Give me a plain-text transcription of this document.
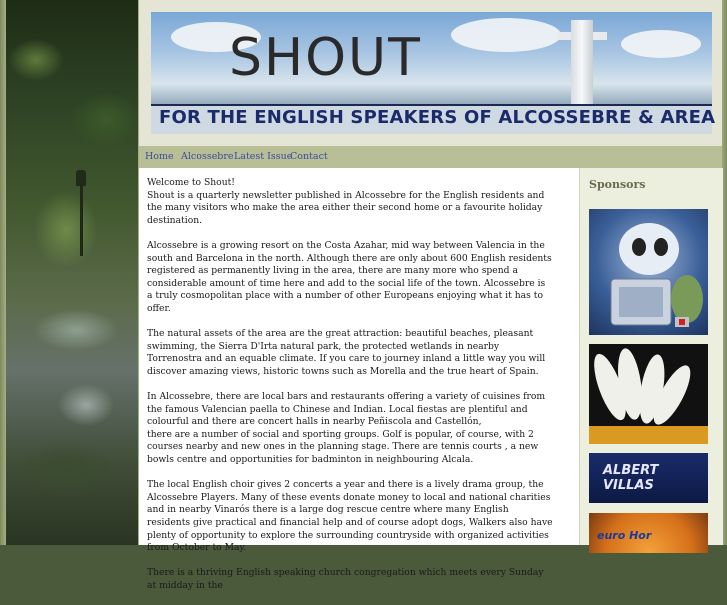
SHOUT
FOR THE ENGLISH SPEAKERS OF ALCOSSEBRE & AREA
Home Alcossebre Latest Issue
Contact

Welcome to Shout!
Shout is a quarterly newsletter published in Alcossebre for the English residents and the many visitors who make the area either their second home or a favourite holiday destination.

Alcossebre is a growing resort on the Costa Azahar, mid way between Valencia in the south and Barcelona in the north. Although there are only about 600 English residents registered as permanently living in the area, there are many more who spend a considerable amount of time here and add to the social life of the town. Alcossebre is a truly cosmopolitan place with a number of other Europeans enjoying what it has to offer.

The natural assets of the area are the great attraction: beautiful beaches, pleasant swimming, the Sierra D'Irta natural park, the protected wetlands in nearby Torrenostra and an equable climate. If you care to journey inland a little way you will discover amazing views, historic towns such as Morella and the true heart of Spain.

In Alcossebre, there are local bars and restaurants offering a variety of cuisines from the famous Valencian paella to Chinese and Indian. Local fiestas are plentiful and colourful and there are concert halls in nearby Peñiscola and Castellón,
there are a number of social and sporting groups. Golf is popular, of course, with 2 courses nearby and new ones in the planning stage. There are tennis courts , a new bowls centre and opportunities for badminton in neighbouring Alcala.

The local English choir gives 2 concerts a year and there is a lively drama group, the Alcossebre Players. Many of these events donate money to local and national charities and in nearby Vinarós there is a large dog rescue centre where many English residents give practical and financial help and of course adopt dogs, Walkers also have plenty of opportunity to explore the surrounding countryside with organized activities from October to May.

There is a thriving English speaking church congregation which meets every Sunday at midday in the

Sponsors
ALBERT VILLAS
euro Hor
